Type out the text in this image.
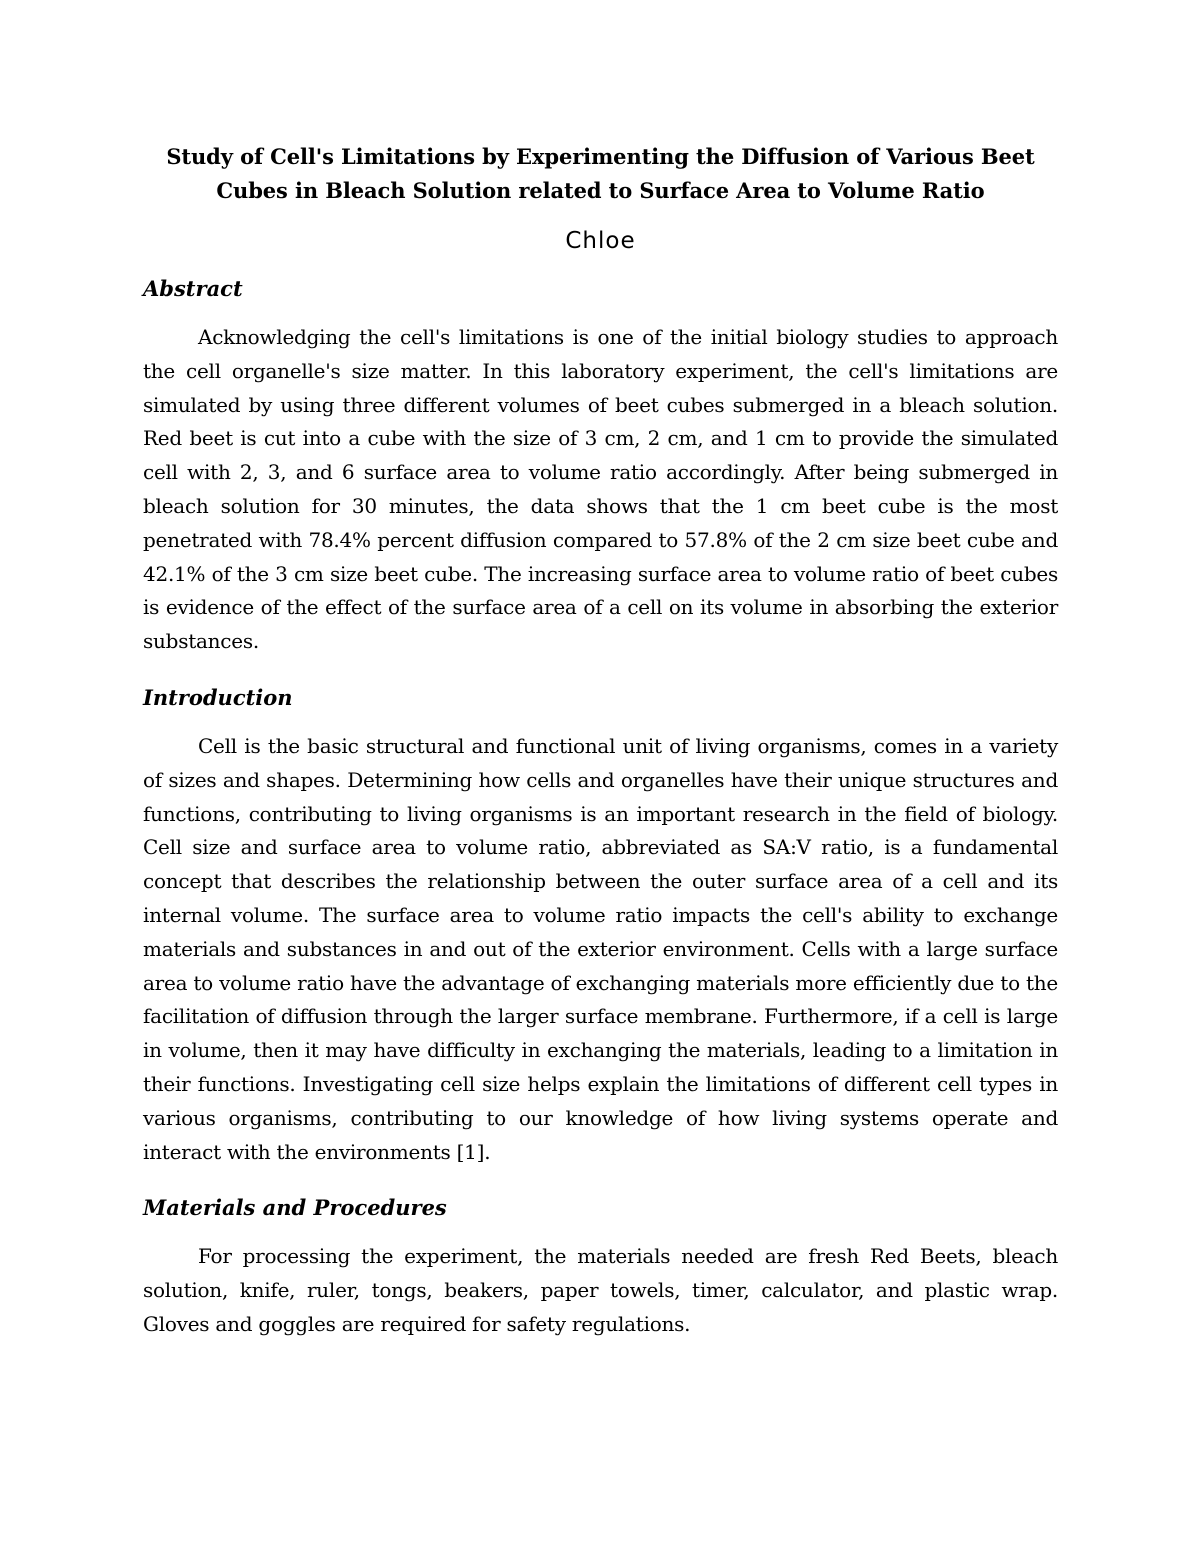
Study of Cell's Limitations by Experimenting the Diffusion of Various Beet Cubes in Bleach Solution related to Surface Area to Volume Ratio
Chloe
Abstract

Acknowledging the cell's limitations is one of the initial biology studies to approach the cell organelle's size matter. In this laboratory experiment, the cell's limitations are simulated by using three different volumes of beet cubes submerged in a bleach solution. Red beet is cut into a cube with the size of 3 cm, 2 cm, and 1 cm to provide the simulated cell with 2, 3, and 6 surface area to volume ratio accordingly. After being submerged in bleach solution for 30 minutes, the data shows that the 1 cm beet cube is the most penetrated with 78.4% percent diffusion compared to 57.8% of the 2 cm size beet cube and 42.1% of the 3 cm size beet cube. The increasing surface area to volume ratio of beet cubes is evidence of the effect of the surface area of a cell on its volume in absorbing the exterior substances.

Introduction

Cell is the basic structural and functional unit of living organisms, comes in a variety of sizes and shapes. Determining how cells and organelles have their unique structures and functions, contributing to living organisms is an important research in the field of biology. Cell size and surface area to volume ratio, abbreviated as SA:V ratio, is a fundamental concept that describes the relationship between the outer surface area of a cell and its internal volume. The surface area to volume ratio impacts the cell's ability to exchange materials and substances in and out of the exterior environment. Cells with a large surface area to volume ratio have the advantage of exchanging materials more efficiently due to the facilitation of diffusion through the larger surface membrane. Furthermore, if a cell is large in volume, then it may have difficulty in exchanging the materials, leading to a limitation in their functions. Investigating cell size helps explain the limitations of different cell types in various organisms, contributing to our knowledge of how living systems operate and interact with the environments [1].

Materials and Procedures

For processing the experiment, the materials needed are fresh Red Beets, bleach solution, knife, ruler, tongs, beakers, paper towels, timer, calculator, and plastic wrap. Gloves and goggles are required for safety regulations.
